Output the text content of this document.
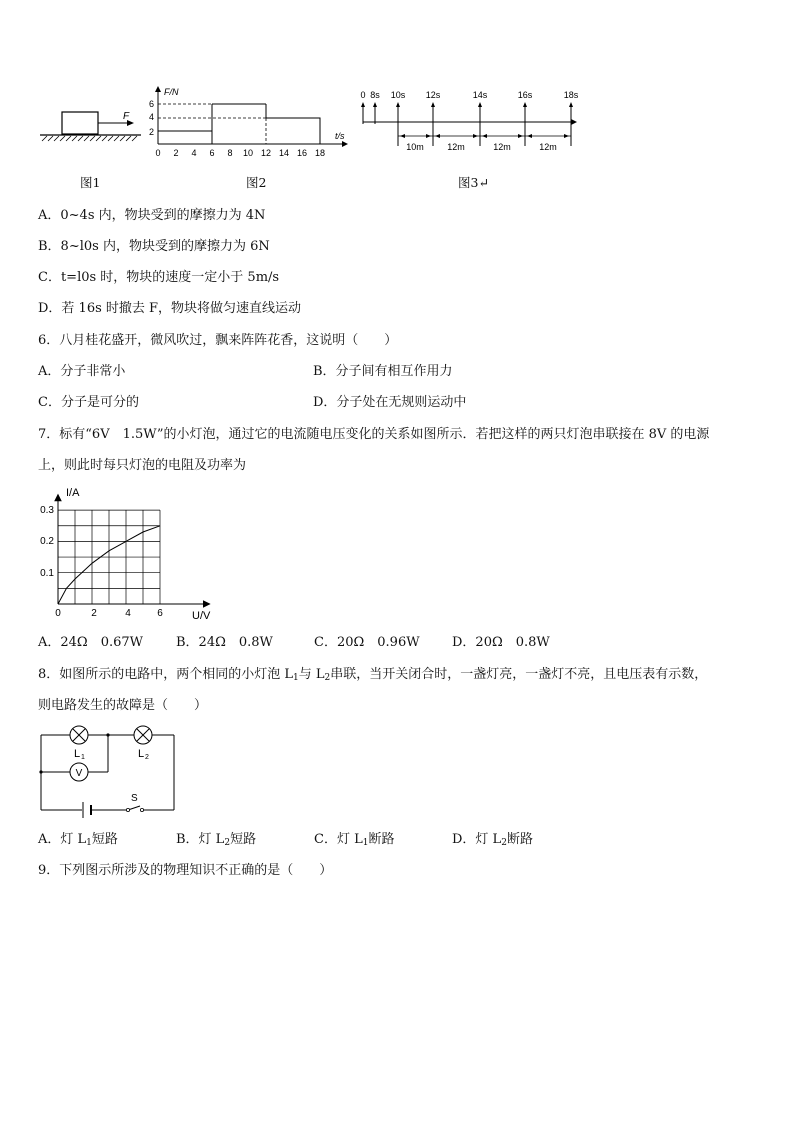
F
图1
F/N
t/s
2
4
6
0 2 4 6 8 10 12 14 16 18
图2
0 8s 10s 12s	14s	16s	18s
10m	12m	12m	12m
图3↵
A．0~4s 内，物块受到的摩擦力为 4N
B．8~l0s 内，物块受到的摩擦力为 6N
C．t=l0s 时，物块的速度一定小于 5m/s
D．若 16s 时撤去 F，物块将做匀速直线运动
6．八月桂花盛开，微风吹过，飘来阵阵花香，这说明（　　）
A．分子非常小	B．分子间有相互作用力
C．分子是可分的	D．分子处在无规则运动中
7．标有“6V　1.5W”的小灯泡，通过它的电流随电压变化的关系如图所示．若把这样的两只灯泡串联接在 8V 的电源
上，则此时每只灯泡的电阻及功率为
I/A
U/V
0.1
0.2
0.3
0	2	4	6
A．24Ω　0.67W	B．24Ω　0.8W	C．20Ω　0.96W D．20Ω　0.8W
8．如图所示的电路中，两个相同的小灯泡 $L_1$与 $L_2$串联，当开关闭合时，一盏灯亮，一盏灯不亮，且电压表有示数，
则电路发生的故障是（　　）
V
L 1	L 2
S
A．灯 $L_1$短路	B．灯 $L_2$短路	C．灯 $L_1$断路	D．灯 $L_2$断路
9．下列图示所涉及的物理知识不正确的是（　　）
